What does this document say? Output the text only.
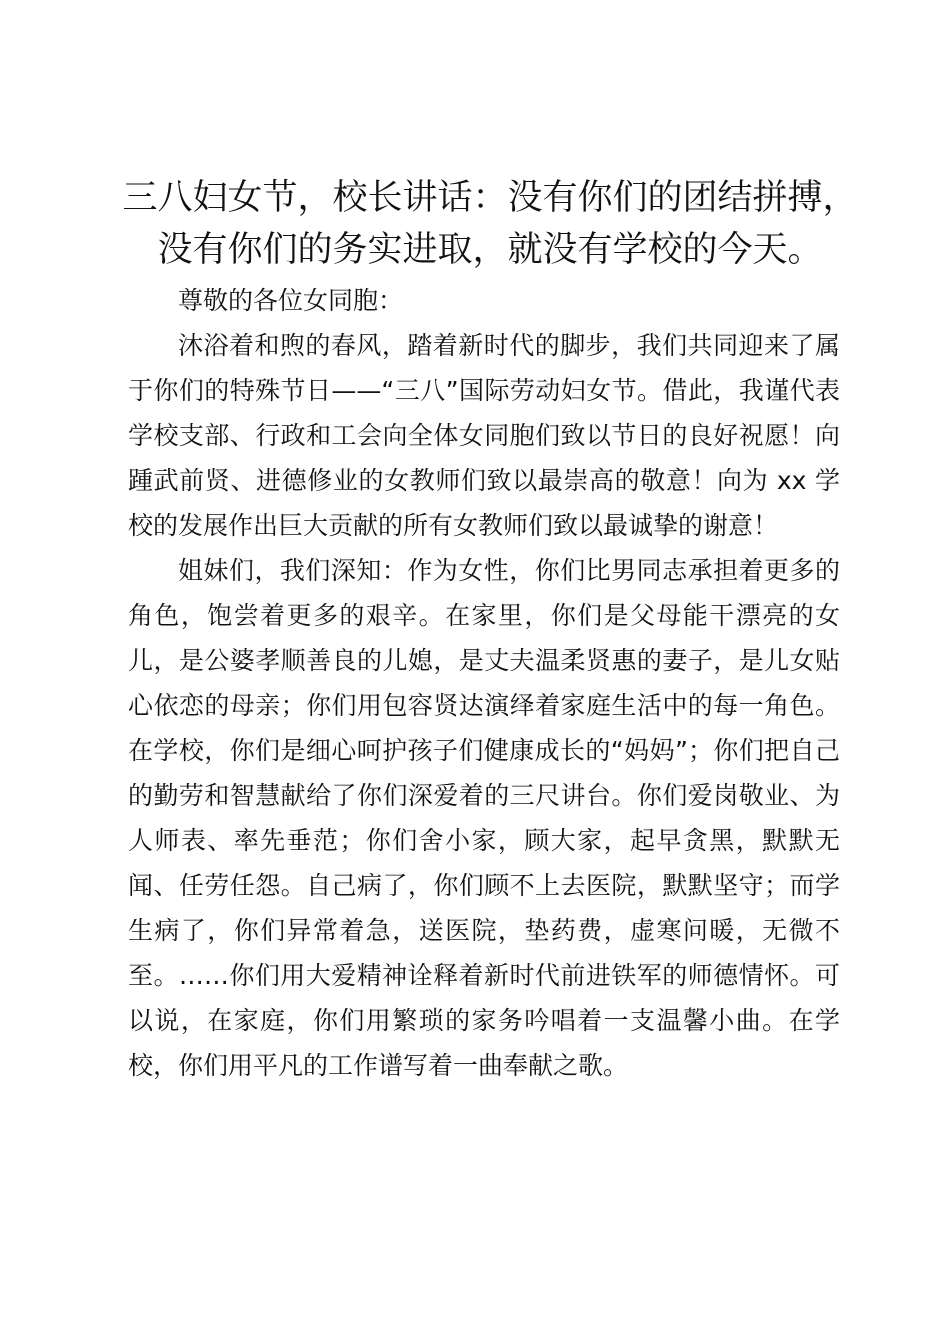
三八妇女节，校长讲话：没有你们的团结拼搏，没有你们的务实进取，就没有学校的今天。

尊敬的各位女同胞：

沐浴着和煦的春风，踏着新时代的脚步，我们共同迎来了属于你们的特殊节日——“三八”国际劳动妇女节。借此，我谨代表学校支部、行政和工会向全体女同胞们致以节日的良好祝愿！向踵武前贤、进德修业的女教师们致以最崇高的敬意！向为 xx 学校的发展作出巨大贡献的所有女教师们致以最诚挚的谢意！

姐妹们，我们深知：作为女性，你们比男同志承担着更多的角色，饱尝着更多的艰辛。在家里，你们是父母能干漂亮的女儿，是公婆孝顺善良的儿媳，是丈夫温柔贤惠的妻子，是儿女贴心依恋的母亲；你们用包容贤达演绎着家庭生活中的每一角色。在学校，你们是细心呵护孩子们健康成长的“妈妈”；你们把自己的勤劳和智慧献给了你们深爱着的三尺讲台。你们爱岗敬业、为人师表、率先垂范；你们舍小家，顾大家，起早贪黑，默默无闻、任劳任怨。自己病了，你们顾不上去医院，默默坚守；而学生病了，你们异常着急，送医院，垫药费，虚寒问暖，无微不至。……你们用大爱精神诠释着新时代前进铁军的师德情怀。可以说，在家庭，你们用繁琐的家务吟唱着一支温馨小曲。在学校，你们用平凡的工作谱写着一曲奉献之歌。
